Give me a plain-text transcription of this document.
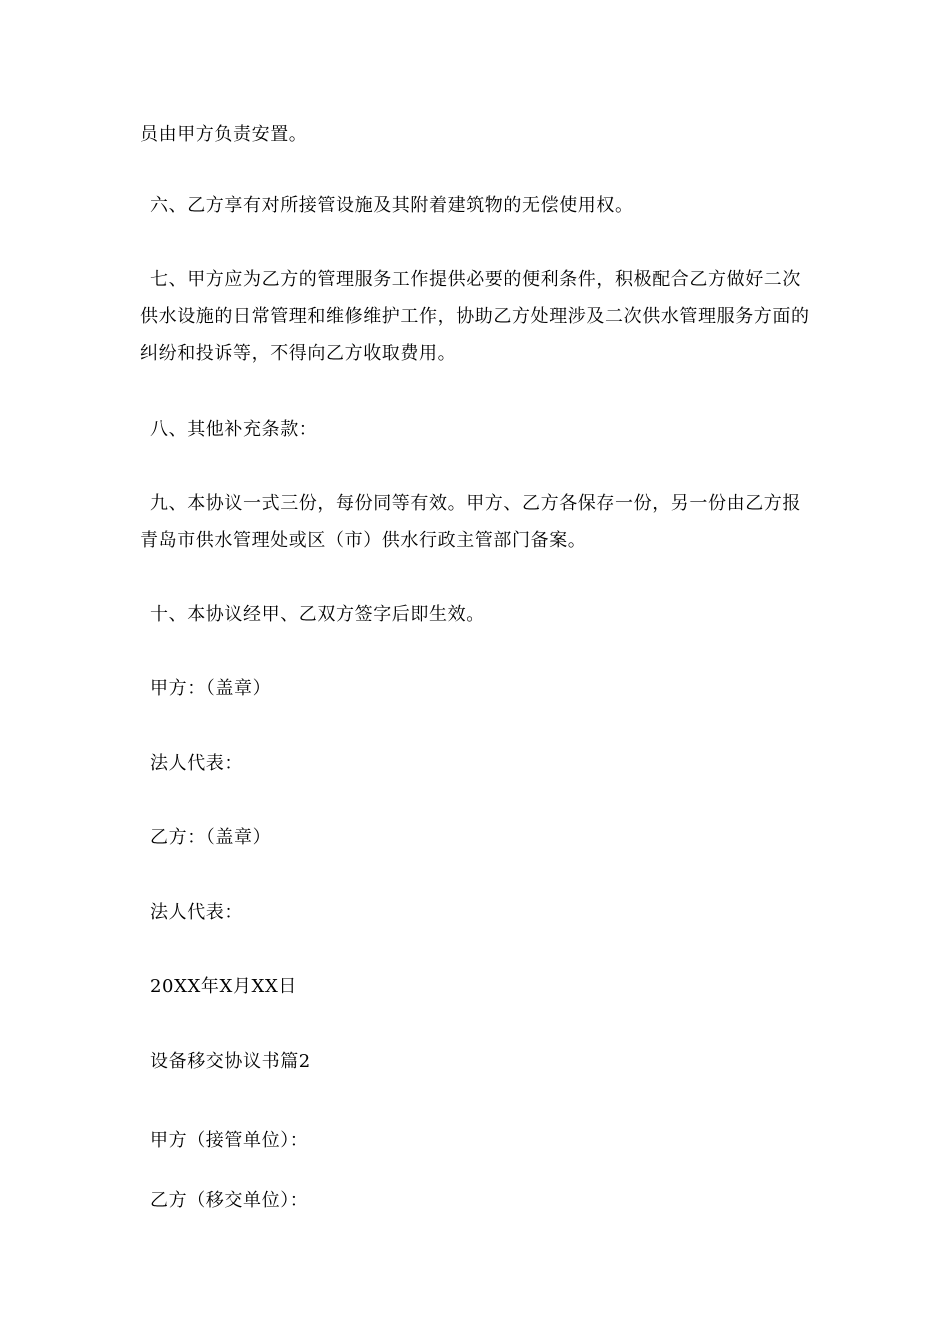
员由甲方负责安置。
六、乙方享有对所接管设施及其附着建筑物的无偿使用权。
七、甲方应为乙方的管理服务工作提供必要的便利条件，积极配合乙方做好二次供水设施的日常管理和维修维护工作，协助乙方处理涉及二次供水管理服务方面的纠纷和投诉等，不得向乙方收取费用。
八、其他补充条款：
九、本协议一式三份，每份同等有效。甲方、乙方各保存一份，另一份由乙方报青岛市供水管理处或区（市）供水行政主管部门备案。
十、本协议经甲、乙双方签字后即生效。
甲方：（盖章）
法人代表：
乙方：（盖章）
法人代表：
20XX年X月XX日
设备移交协议书篇2
甲方（接管单位）：
乙方（移交单位）：
